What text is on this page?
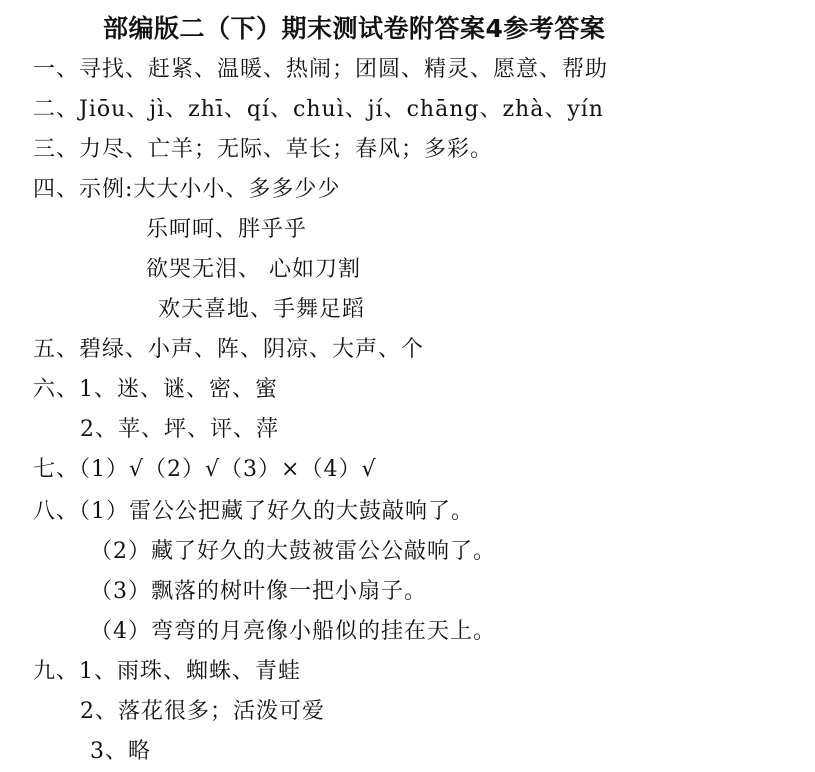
部编版二（下）期末测试卷附答案4参考答案
一、寻找、赶紧、温暖、热闹；团圆、精灵、愿意、帮助
二、Jiōu、jì、zhī、qí、chuì、jí、chāng、zhà、yín
三、力尽、亡羊；无际、草长；春风；多彩。
四、示例:大大小小、多多少少
乐呵呵、胖乎乎
欲哭无泪、 心如刀割
欢天喜地、手舞足蹈
五、碧绿、小声、阵、阴凉、大声、个
六、1、迷、谜、密、蜜
2、苹、坪、评、萍
七、（1）√（2）√（3）×（4）√
八、（1）雷公公把藏了好久的大鼓敲响了。
（2）藏了好久的大鼓被雷公公敲响了。
（3）飘落的树叶像一把小扇子。
（4）弯弯的月亮像小船似的挂在天上。
九、1、雨珠、蜘蛛、青蛙
2、落花很多；活泼可爱
3、略
